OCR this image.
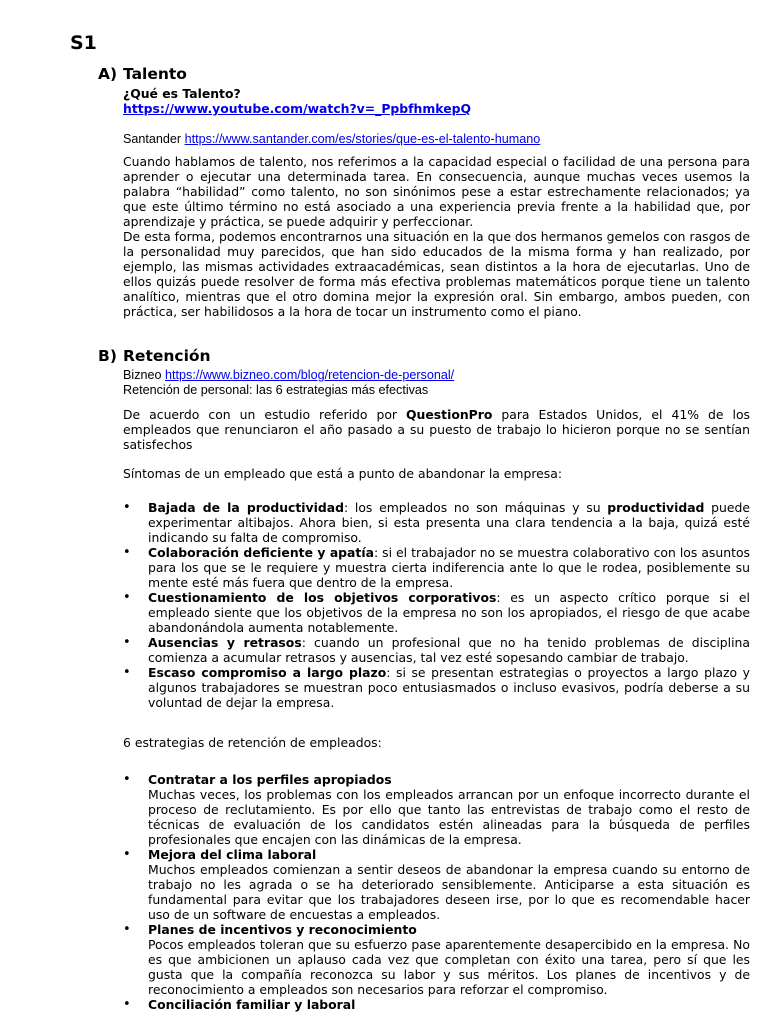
S1
A) Talento
¿Qué es Talento?
https://www.youtube.com/watch?v=_PpbfhmkepQ
Santander https://www.santander.com/es/stories/que-es-el-talento-humano

Cuando hablamos de talento, nos referimos a la capacidad especial o facilidad de una persona para aprender o ejecutar una determinada tarea. En consecuencia, aunque muchas veces usemos la palabra “habilidad” como talento, no son sinónimos pese a estar estrechamente relacionados; ya que este último término no está asociado a una experiencia previa frente a la habilidad que, por aprendizaje y práctica, se puede adquirir y perfeccionar.

De esta forma, podemos encontrarnos una situación en la que dos hermanos gemelos con rasgos de la personalidad muy parecidos, que han sido educados de la misma forma y han realizado, por ejemplo, las mismas actividades extraacadémicas, sean distintos a la hora de ejecutarlas. Uno de ellos quizás puede resolver de forma más efectiva problemas matemáticos porque tiene un talento analítico, mientras que el otro domina mejor la expresión oral. Sin embargo, ambos pueden, con práctica, ser habilidosos a la hora de tocar un instrumento como el piano.

B) Retención
Bizneo https://www.bizneo.com/blog/retencion-de-personal/
Retención de personal: las 6 estrategias más efectivas

De acuerdo con un estudio referido por QuestionPro para Estados Unidos, el 41% de los empleados que renunciaron el año pasado a su puesto de trabajo lo hicieron porque no se sentían satisfechos

Síntomas de un empleado que está a punto de abandonar la empresa:

• Bajada de la productividad: los empleados no son máquinas y su productividad puede experimentar altibajos. Ahora bien, si esta presenta una clara tendencia a la baja, quizá esté indicando su falta de compromiso.
• Colaboración deficiente y apatía: si el trabajador no se muestra colaborativo con los asuntos para los que se le requiere y muestra cierta indiferencia ante lo que le rodea, posiblemente su mente esté más fuera que dentro de la empresa.
• Cuestionamiento de los objetivos corporativos: es un aspecto crítico porque si el empleado siente que los objetivos de la empresa no son los apropiados, el riesgo de que acabe abandonándola aumenta notablemente.
• Ausencias y retrasos: cuando un profesional que no ha tenido problemas de disciplina comienza a acumular retrasos y ausencias, tal vez esté sopesando cambiar de trabajo.
• Escaso compromiso a largo plazo: si se presentan estrategias o proyectos a largo plazo y algunos trabajadores se muestran poco entusiasmados o incluso evasivos, podría deberse a su voluntad de dejar la empresa.

6 estrategias de retención de empleados:

• Contratar a los perfiles apropiados
Muchas veces, los problemas con los empleados arrancan por un enfoque incorrecto durante el proceso de reclutamiento. Es por ello que tanto las entrevistas de trabajo como el resto de técnicas de evaluación de los candidatos estén alineadas para la búsqueda de perfiles profesionales que encajen con las dinámicas de la empresa.
• Mejora del clima laboral
Muchos empleados comienzan a sentir deseos de abandonar la empresa cuando su entorno de trabajo no les agrada o se ha deteriorado sensiblemente. Anticiparse a esta situación es fundamental para evitar que los trabajadores deseen irse, por lo que es recomendable hacer uso de un software de encuestas a empleados.
• Planes de incentivos y reconocimiento
Pocos empleados toleran que su esfuerzo pase aparentemente desapercibido en la empresa. No es que ambicionen un aplauso cada vez que completan con éxito una tarea, pero sí que les gusta que la compañía reconozca su labor y sus méritos. Los planes de incentivos y de reconocimiento a empleados son necesarios para reforzar el compromiso.
• Conciliación familiar y laboral
